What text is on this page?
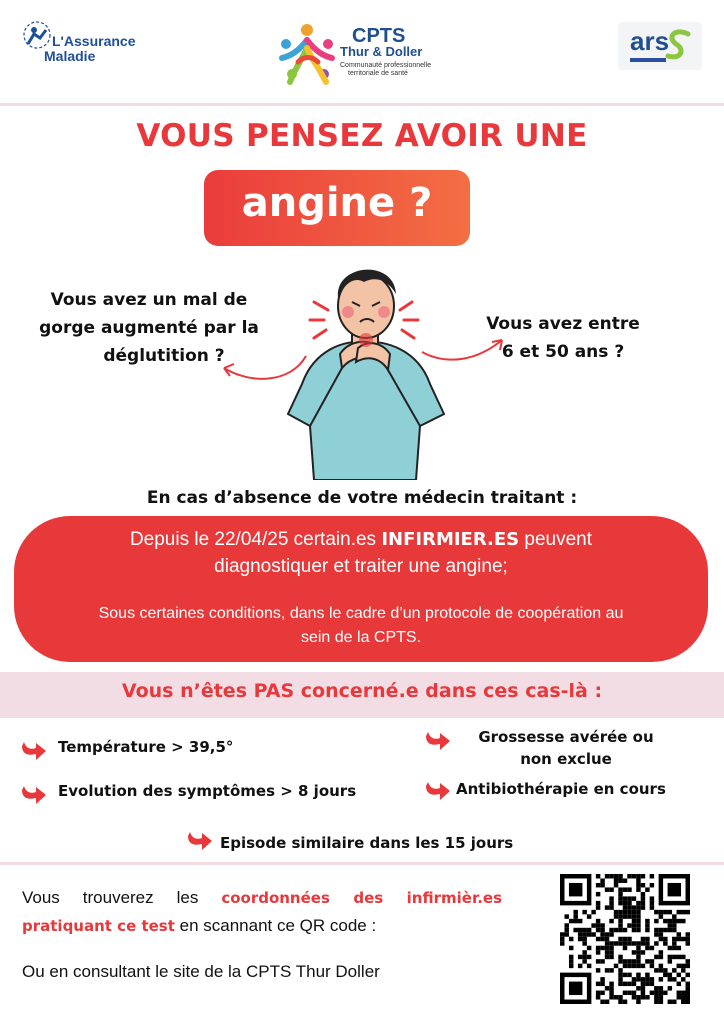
L'Assurance
Maladie
CPTS
Thur & Doller
Communauté professionnelle
territoriale de santé
ars
VOUS PENSEZ AVOIR UNE
angine ?
Vous avez un mal de
gorge augmenté par la
déglutition ?
Vous avez entre
6 et 50 ans ?
En cas d’absence de votre médecin traitant :
Depuis le 22/04/25 certain.es INFIRMIER.ES peuvent
diagnostiquer et traiter une angine;
Sous certaines conditions, dans le cadre d’un protocole de coopération au
sein de la CPTS.
Vous n’êtes PAS concerné.e dans ces cas-là :
Température > 39,5°
Evolution des symptômes > 8 jours
Grossesse avérée ou
non exclue
Antibiothérapie en cours
Episode similaire dans les 15 jours
Vous trouverez les coordonnées des infirmièr.es
pratiquant ce test en scannant ce QR code :
Ou en consultant le site de la CPTS Thur Doller
